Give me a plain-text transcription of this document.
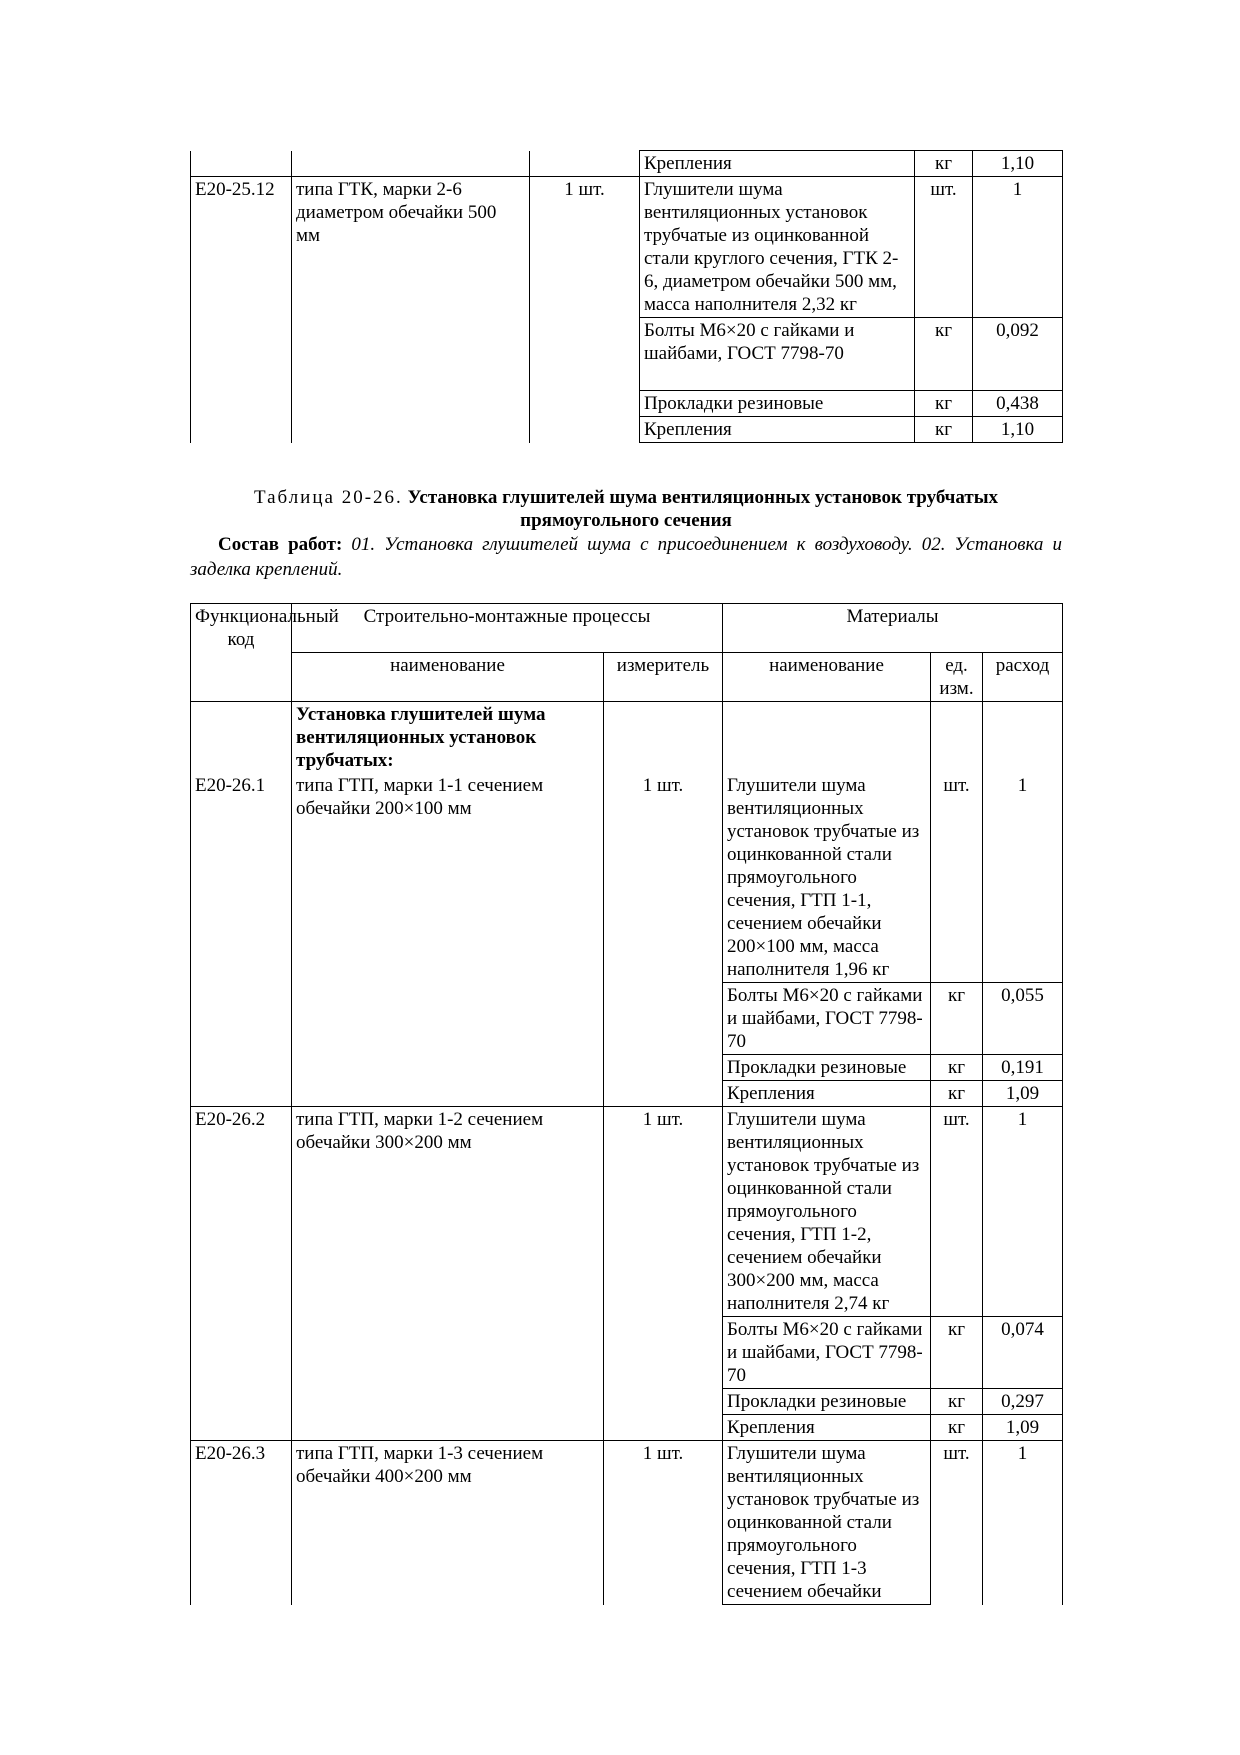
			Крепления	кг	1,10
Е20-25.12	типа ГТК, марки 2-6 диаметром обечайки 500 мм	1 шт.	Глушители шума вентиляционных установок трубчатые из оцинкованной стали круглого сечения, ГТК 2-6, диаметром обечайки 500 мм, масса наполнителя 2,32 кг	шт.	1
			Болты М6×20 с гайками и шайбами, ГОСТ 7798-70	кг	0,092
			Прокладки резиновые	кг	0,438
			Крепления	кг	1,10
Таблица 20-26. Установка глушителей шума вентиляционных установок трубчатых прямоугольного сечения
Состав работ: 01. Установка глушителей шума с присоединением к воздуховоду. 02. Установка и заделка креплений.
Функциональный код	Строительно-монтажные процессы		Материалы		
	наименование	измеритель	наименование	ед. изм.	расход
	Установка глушителей шума вентиляционных установок трубчатых:				
Е20-26.1	типа ГТП, марки 1-1 сечением обечайки 200×100 мм	1 шт.	Глушители шума вентиляционных установок трубчатые из оцинкованной стали прямоугольного сечения, ГТП 1-1, сечением обечайки 200×100 мм, масса наполнителя 1,96 кг	шт.	1
			Болты М6×20 с гайками и шайбами, ГОСТ 7798-70	кг	0,055
			Прокладки резиновые	кг	0,191
			Крепления	кг	1,09
Е20-26.2	типа ГТП, марки 1-2 сечением обечайки 300×200 мм	1 шт.	Глушители шума вентиляционных установок трубчатые из оцинкованной стали прямоугольного сечения, ГТП 1-2, сечением обечайки 300×200 мм, масса наполнителя 2,74 кг	шт.	1
			Болты М6×20 с гайками и шайбами, ГОСТ 7798-70	кг	0,074
			Прокладки резиновые	кг	0,297
			Крепления	кг	1,09
Е20-26.3	типа ГТП, марки 1-3 сечением обечайки 400×200 мм	1 шт.	Глушители шума вентиляционных установок трубчатые из оцинкованной стали прямоугольного сечения, ГТП 1-3 сечением обечайки	шт.	1
